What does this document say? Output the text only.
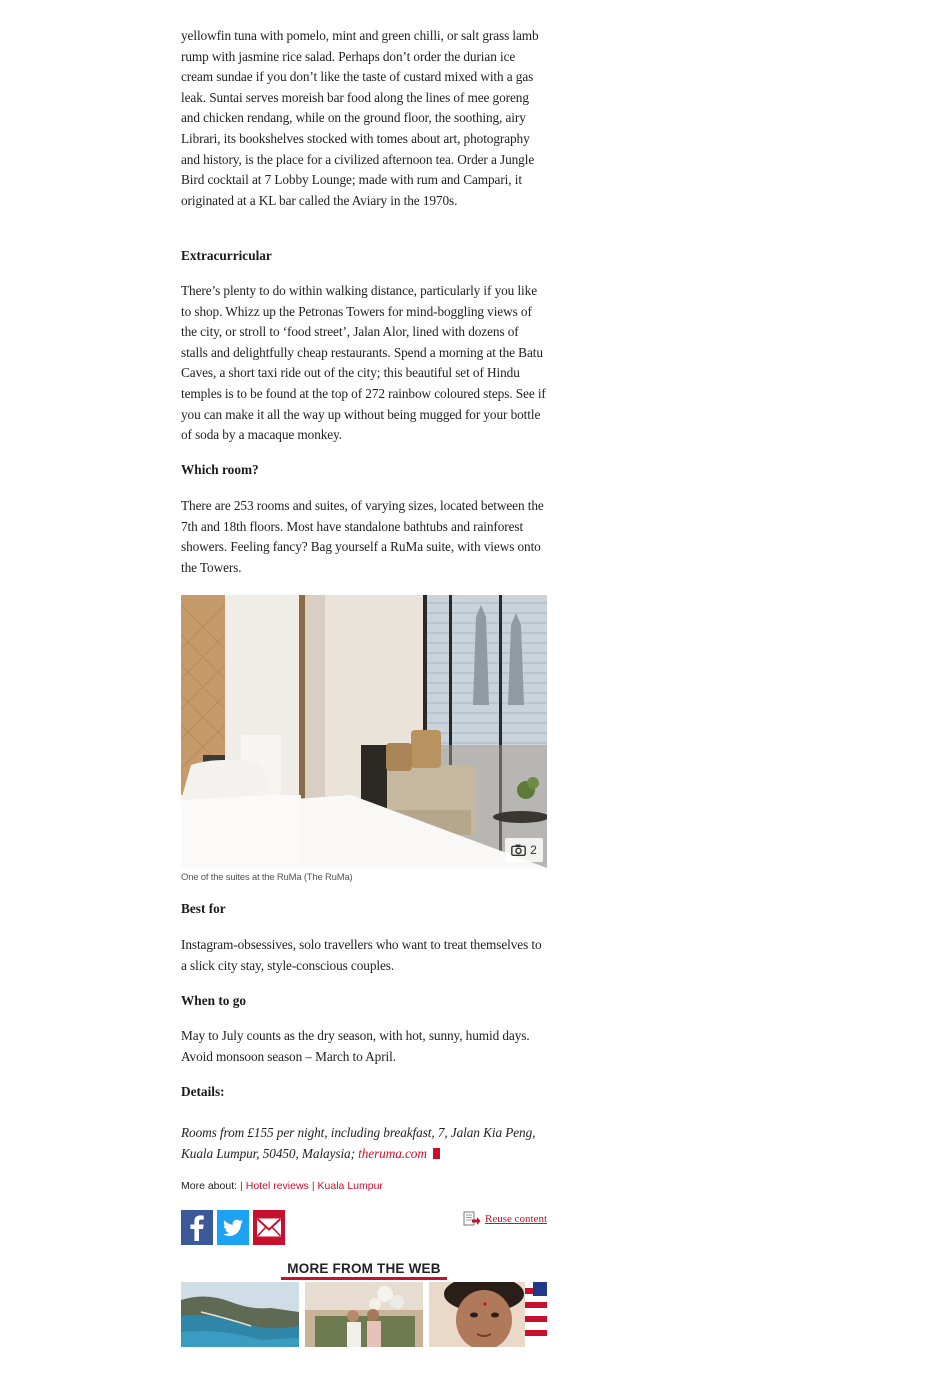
yellowfin tuna with pomelo, mint and green chilli, or salt grass lamb rump with jasmine rice salad. Perhaps don’t order the durian ice cream sundae if you don’t like the taste of custard mixed with a gas leak. Suntai serves moreish bar food along the lines of mee goreng and chicken rendang, while on the ground floor, the soothing, airy Librari, its bookshelves stocked with tomes about art, photography and history, is the place for a civilized afternoon tea. Order a Jungle Bird cocktail at 7 Lobby Lounge; made with rum and Campari, it originated at a KL bar called the Aviary in the 1970s.

Extracurricular

There’s plenty to do within walking distance, particularly if you like to shop. Whizz up the Petronas Towers for mind-boggling views of the city, or stroll to ‘food street’, Jalan Alor, lined with dozens of stalls and delightfully cheap restaurants. Spend a morning at the Batu Caves, a short taxi ride out of the city; this beautiful set of Hindu temples is to be found at the top of 272 rainbow coloured steps. See if you can make it all the way up without being mugged for your bottle of soda by a macaque monkey.

Which room?

There are 253 rooms and suites, of varying sizes, located between the 7th and 18th floors. Most have standalone bathtubs and rainforest showers. Feeling fancy? Bag yourself a RuMa suite, with views onto the Towers.

2
One of the suites at the RuMa (The RuMa)
Best for

Instagram-obsessives, solo travellers who want to treat themselves to a slick city stay, style-conscious couples.

When to go

May to July counts as the dry season, with hot, sunny, humid days. Avoid monsoon season – March to April.

Details:

Rooms from £155 per night, including breakfast, 7, Jalan Kia Peng, Kuala Lumpur, 50450, Malaysia; theruma.com

More about: | Hotel reviews | Kuala Lumpur
Reuse content
MORE FROM THE WEB
